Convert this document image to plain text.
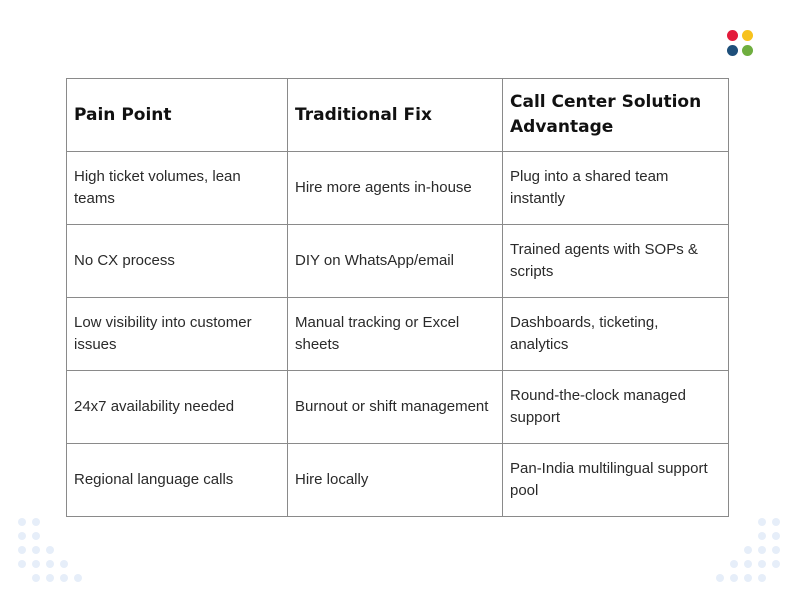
Pain Point	Traditional Fix	Call Center Solution Advantage
High ticket volumes, lean teams	Hire more agents in-house	Plug into a shared team instantly
No CX process	DIY on WhatsApp/email	Trained agents with SOPs & scripts
Low visibility into customer issues	Manual tracking or Excel sheets	Dashboards, ticketing, analytics
24x7 availability needed	Burnout or shift management	Round-the-clock managed support
Regional language calls	Hire locally	Pan-India multilingual support pool
